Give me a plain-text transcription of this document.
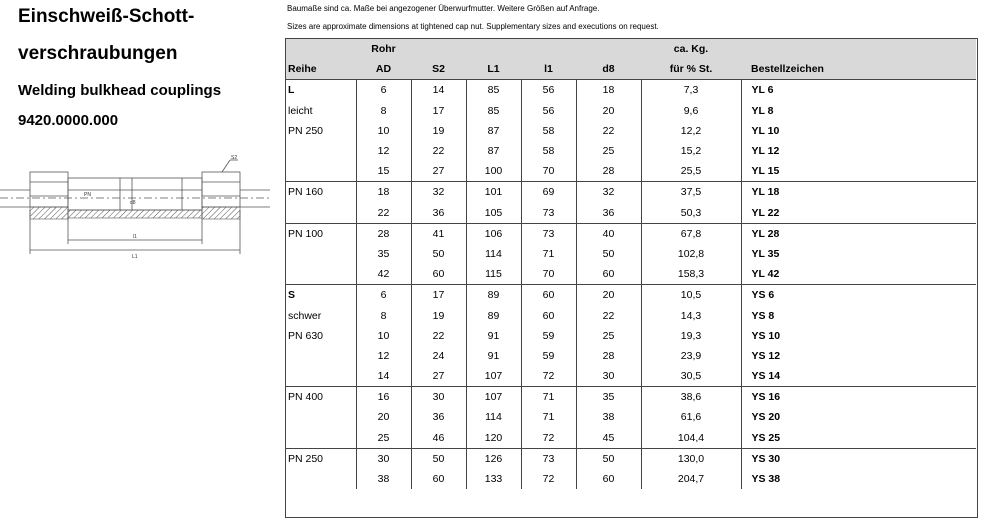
Einschweiß-Schott-
verschraubungen
Welding bulkhead couplings
9420.0000.000
S2
PN
d8
l1
L1
Baumaße sind ca. Maße bei angezogener Überwurfmutter. Weitere Größen auf Anfrage.
Sizes are approximate dimensions at tightened cap nut. Supplementary sizes and executions on request.
	Rohr					ca. Kg.	
Reihe	AD	S2	L1	l1	d8	für % St.	Bestellzeichen
L	6	14	85	56	18	7,3	YL 6
leicht	8	17	85	56	20	9,6	YL 8
PN 250	10	19	87	58	22	12,2	YL 10
	12	22	87	58	25	15,2	YL 12
	15	27	100	70	28	25,5	YL 15
PN 160	18	32	101	69	32	37,5	YL 18
	22	36	105	73	36	50,3	YL 22
PN 100	28	41	106	73	40	67,8	YL 28
	35	50	114	71	50	102,8	YL 35
	42	60	115	70	60	158,3	YL 42
S	6	17	89	60	20	10,5	YS 6
schwer	8	19	89	60	22	14,3	YS 8
PN 630	10	22	91	59	25	19,3	YS 10
	12	24	91	59	28	23,9	YS 12
	14	27	107	72	30	30,5	YS 14
PN 400	16	30	107	71	35	38,6	YS 16
	20	36	114	71	38	61,6	YS 20
	25	46	120	72	45	104,4	YS 25
PN 250	30	50	126	73	50	130,0	YS 30
	38	60	133	72	60	204,7	YS 38
